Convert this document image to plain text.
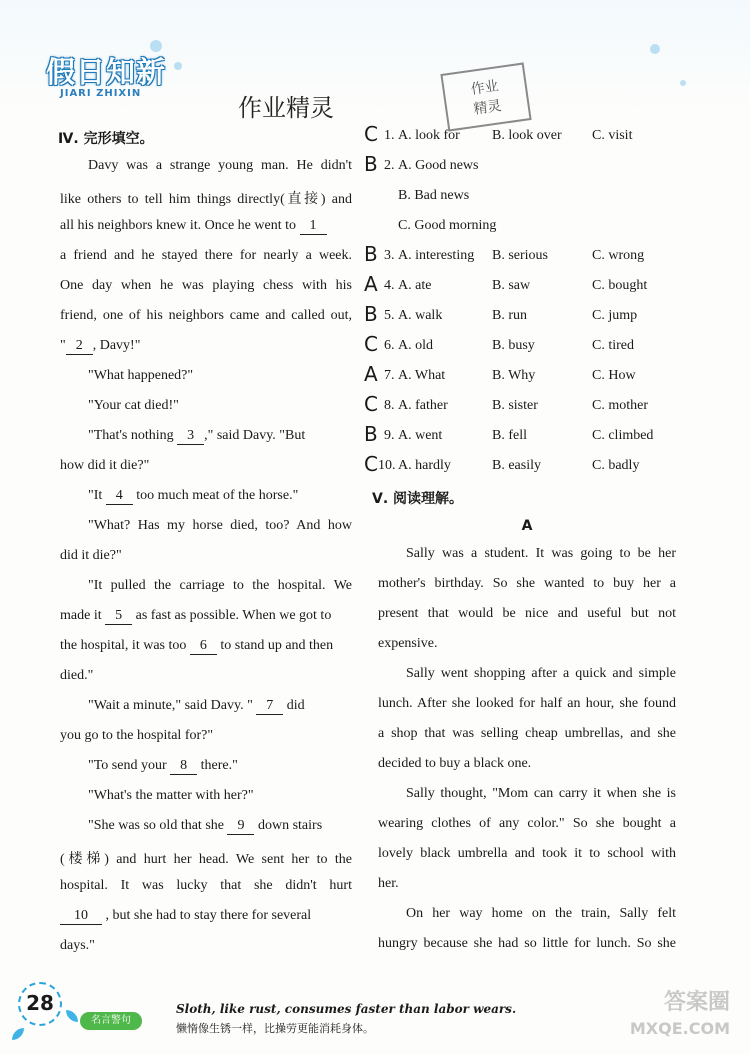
假日知新
JIARI ZHIXIN	作业
精灵
作业精灵
Ⅳ. 完形填空。
Davy was a strange young man. He didn't
like others to tell him things directly(直接) and
all his neighbors knew it. Once he went to 1
a friend and he stayed there for nearly a week.
One day when he was playing chess with his
friend, one of his neighbors came and called out,
" 2 , Davy!"
"What happened?"
"Your cat died!"
"That's nothing 3 ," said Davy. "But
how did it die?"
"It 4 too much meat of the horse."
"What? Has my horse died, too? And how
did it die?"
"It pulled the carriage to the hospital. We
made it 5 as fast as possible. When we got to
the hospital, it was too 6 to stand up and then
died."
"Wait a minute," said Davy. " 7 did
you go to the hospital for?"
"To send your 8 there."
"What's the matter with her?"
"She was so old that she 9 down stairs
(楼梯) and hurt her head. We sent her to the
hospital. It was lucky that she didn't hurt
10 , but she had to stay there for several
days."
C 1. A. look for B. look over C. visit
B 2. A. Good news
B. Bad news
C. Good morning
B 3. A. interesting B. serious	C. wrong
A 4. A. ate	B. saw	C. bought
B 5. A. walk	B. run	C. jump
C 6. A. old	B. busy	C. tired
A 7. A. What	B. Why	C. How
C 8. A. father	B. sister	C. mother
B 9. A. went	B. fell	C. climbed
C 10. A. hardly	B. easily	C. badly
Ⅴ. 阅读理解。
A
Sally was a student. It was going to be her
mother's birthday. So she wanted to buy her a
present that would be nice and useful but not
expensive.
Sally went shopping after a quick and simple
lunch. After she looked for half an hour, she found
a shop that was selling cheap umbrellas, and she
decided to buy a black one.
Sally thought, "Mom can carry it when she is
wearing clothes of any color." So she bought a
lovely black umbrella and took it to school with
her.
On her way home on the train, Sally felt
hungry because she had so little for lunch. So she
28
名言警句
Sloth, like rust, consumes faster than labor wears.
懒惰像生锈一样，比操劳更能消耗身体。
答案圈
MXQE.COM
